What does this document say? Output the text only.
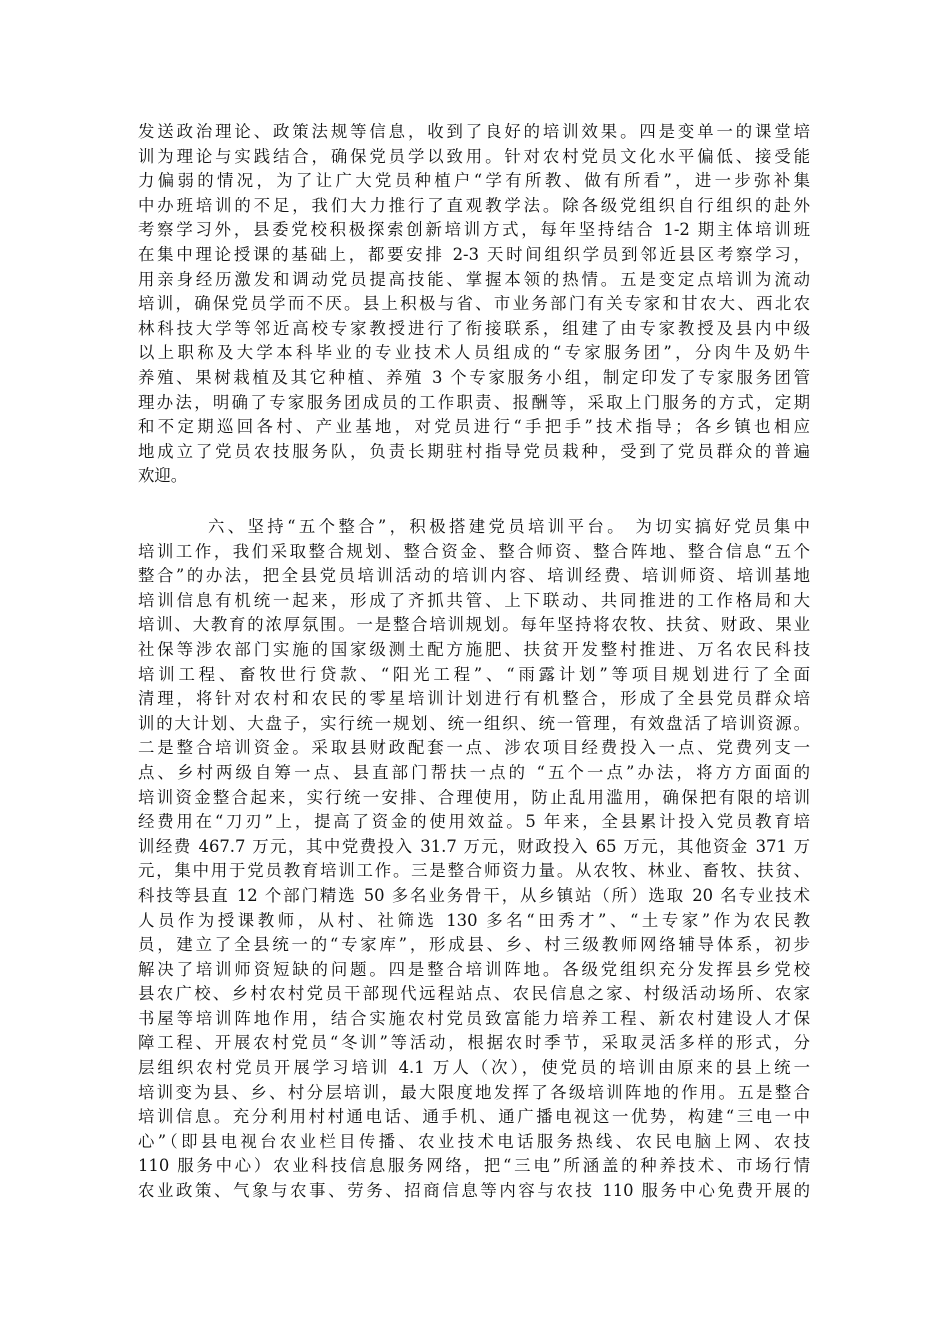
发送政治理论、政策法规等信息，收到了良好的培训效果。四是变单一的课堂培
训为理论与实践结合，确保党员学以致用。针对农村党员文化水平偏低、接受能
力偏弱的情况，为了让广大党员种植户“学有所教、做有所看”，进一步弥补集
中办班培训的不足，我们大力推行了直观教学法。除各级党组织自行组织的赴外
考察学习外，县委党校积极探索创新培训方式，每年坚持结合 1-2 期主体培训班
在集中理论授课的基础上，都要安排 2-3 天时间组织学员到邻近县区考察学习，
用亲身经历激发和调动党员提高技能、掌握本领的热情。五是变定点培训为流动
培训，确保党员学而不厌。县上积极与省、市业务部门有关专家和甘农大、西北农
林科技大学等邻近高校专家教授进行了衔接联系，组建了由专家教授及县内中级
以上职称及大学本科毕业的专业技术人员组成的“专家服务团”，分肉牛及奶牛
养殖、果树栽植及其它种植、养殖 3 个专家服务小组，制定印发了专家服务团管
理办法，明确了专家服务团成员的工作职责、报酬等，采取上门服务的方式，定期
和不定期巡回各村、产业基地，对党员进行“手把手”技术指导；各乡镇也相应
地成立了党员农技服务队，负责长期驻村指导党员栽种，受到了党员群众的普遍
欢迎。
六、坚持“五个整合”，积极搭建党员培训平台。 为切实搞好党员集中
培训工作，我们采取整合规划、整合资金、整合师资、整合阵地、整合信息“五个
整合”的办法，把全县党员培训活动的培训内容、培训经费、培训师资、培训基地
培训信息有机统一起来，形成了齐抓共管、上下联动、共同推进的工作格局和大
培训、大教育的浓厚氛围。一是整合培训规划。每年坚持将农牧、扶贫、财政、果业
社保等涉农部门实施的国家级测土配方施肥、扶贫开发整村推进、万名农民科技
培训工程、畜牧世行贷款、“阳光工程”、“雨露计划”等项目规划进行了全面
清理，将针对农村和农民的零星培训计划进行有机整合，形成了全县党员群众培
训的大计划、大盘子，实行统一规划、统一组织、统一管理，有效盘活了培训资源。
二是整合培训资金。采取县财政配套一点、涉农项目经费投入一点、党费列支一
点、乡村两级自筹一点、县直部门帮扶一点的 “五个一点”办法，将方方面面的
培训资金整合起来，实行统一安排、合理使用，防止乱用滥用，确保把有限的培训
经费用在“刀刃”上，提高了资金的使用效益。5 年来，全县累计投入党员教育培
训经费 467.7 万元，其中党费投入 31.7 万元，财政投入 65 万元，其他资金 371 万
元，集中用于党员教育培训工作。三是整合师资力量。从农牧、林业、畜牧、扶贫、
科技等县直 12 个部门精选 50 多名业务骨干，从乡镇站（所）选取 20 名专业技术
人员作为授课教师，从村、社筛选 130 多名“田秀才”、“土专家”作为农民教
员，建立了全县统一的“专家库”，形成县、乡、村三级教师网络辅导体系，初步
解决了培训师资短缺的问题。四是整合培训阵地。各级党组织充分发挥县乡党校
县农广校、乡村农村党员干部现代远程站点、农民信息之家、村级活动场所、农家
书屋等培训阵地作用，结合实施农村党员致富能力培养工程、新农村建设人才保
障工程、开展农村党员“冬训”等活动，根据农时季节，采取灵活多样的形式，分
层组织农村党员开展学习培训 4.1 万人（次），使党员的培训由原来的县上统一
培训变为县、乡、村分层培训，最大限度地发挥了各级培训阵地的作用。五是整合
培训信息。充分利用村村通电话、通手机、通广播电视这一优势，构建“三电一中
心”（即县电视台农业栏目传播、农业技术电话服务热线、农民电脑上网、农技
110 服务中心）农业科技信息服务网络，把“三电”所涵盖的种养技术、市场行情
农业政策、气象与农事、劳务、招商信息等内容与农技 110 服务中心免费开展的
